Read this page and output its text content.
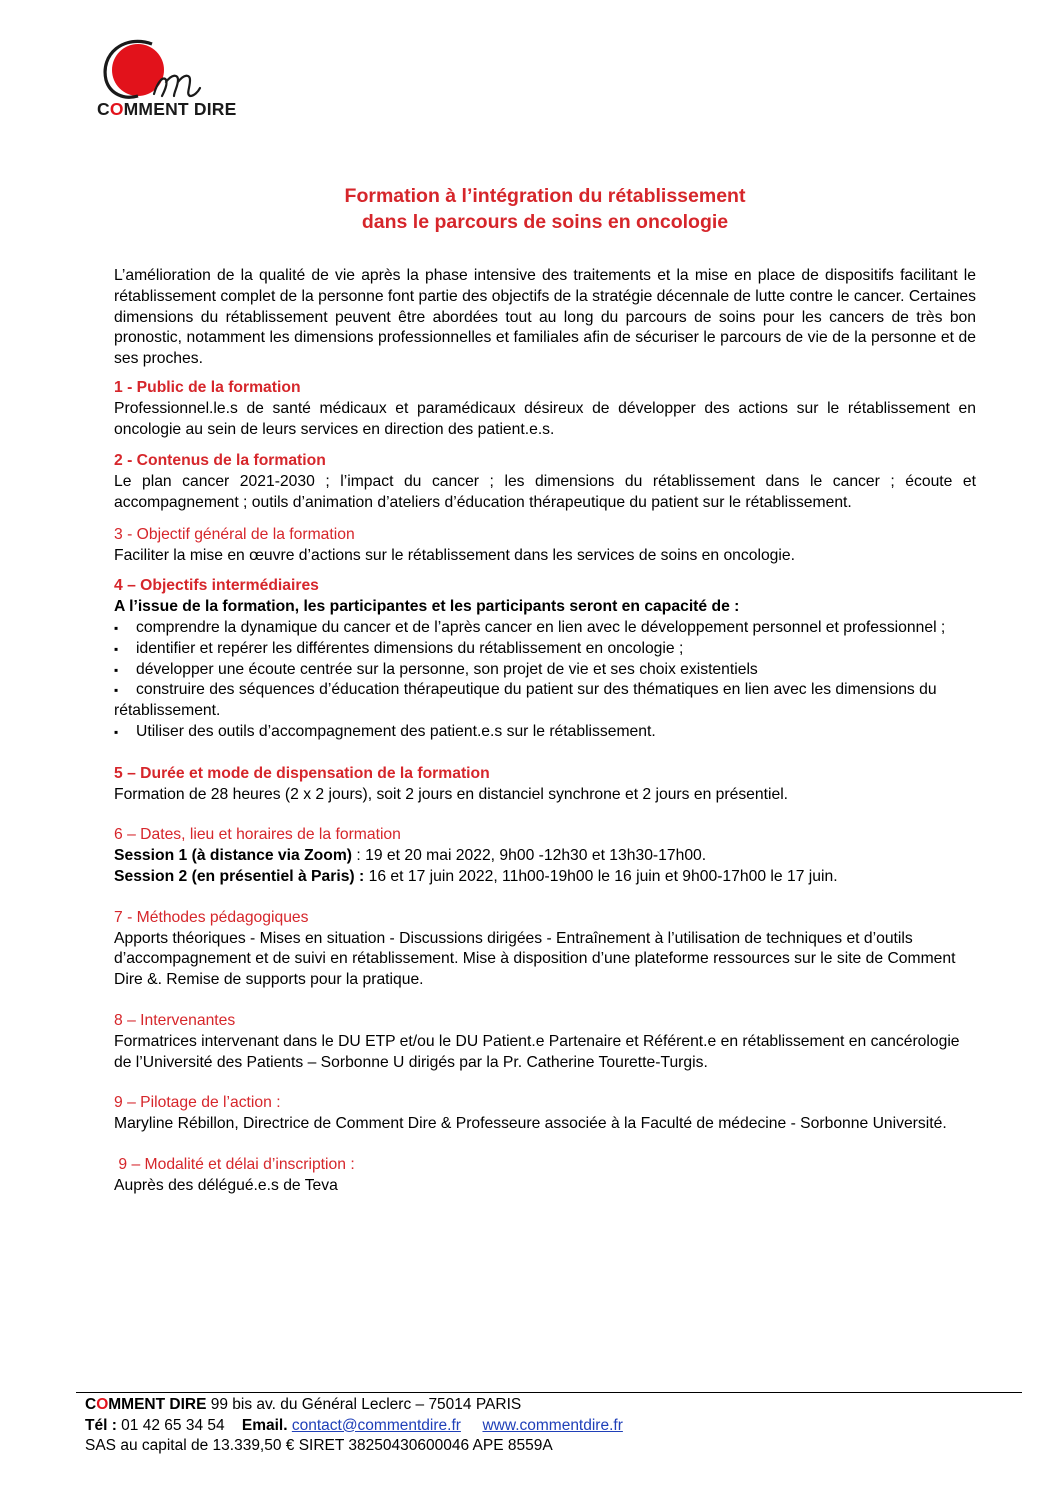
COMMENT DIRE
Formation à l’intégration du rétablissement
dans le parcours de soins en oncologie

L’amélioration de la qualité de vie après la phase intensive des traitements et la mise en place de dispositifs facilitant le rétablissement complet de la personne font partie des objectifs de la stratégie décennale de lutte contre le cancer. Certaines dimensions du rétablissement peuvent être abordées tout au long du parcours de soins pour les cancers de très bon pronostic, notamment les dimensions professionnelles et familiales afin de sécuriser le parcours de vie de la personne et de ses proches.

1 - Public de la formation

Professionnel.le.s de santé médicaux et paramédicaux désireux de développer des actions sur le rétablissement en oncologie au sein de leurs services en direction des patient.e.s.

2 - Contenus de la formation

Le plan cancer 2021-2030 ; l’impact du cancer ; les dimensions du rétablissement dans le cancer ; écoute et accompagnement ; outils d’animation d’ateliers d’éducation thérapeutique du patient sur le rétablissement.

3 - Objectif général de la formation

Faciliter la mise en œuvre d’actions sur le rétablissement dans les services de soins en oncologie.

4 – Objectifs intermédiaires

A l’issue de la formation, les participantes et les participants seront en capacité de :

▪ comprendre la dynamique du cancer et de l’après cancer en lien avec le développement personnel et professionnel ;
▪ identifier et repérer les différentes dimensions du rétablissement en oncologie ;
▪ développer une écoute centrée sur la personne, son projet de vie et ses choix existentiels
▪ construire des séquences d’éducation thérapeutique du patient sur des thématiques en lien avec les dimensions du rétablissement.
▪ Utiliser des outils d’accompagnement des patient.e.s sur le rétablissement.

5 – Durée et mode de dispensation de la formation

Formation de 28 heures (2 x 2 jours), soit 2 jours en distanciel synchrone et 2 jours en présentiel.

6 – Dates, lieu et horaires de la formation

Session 1 (à distance via Zoom) : 19 et 20 mai 2022, 9h00 -12h30 et 13h30-17h00.

Session 2 (en présentiel à Paris) : 16 et 17 juin 2022, 11h00-19h00 le 16 juin et 9h00-17h00 le 17 juin.

7 - Méthodes pédagogiques

Apports théoriques - Mises en situation - Discussions dirigées - Entraînement à l’utilisation de techniques et d’outils d’accompagnement et de suivi en rétablissement. Mise à disposition d’une plateforme ressources sur le site de Comment Dire &. Remise de supports pour la pratique.

8 – Intervenantes

Formatrices intervenant dans le DU ETP et/ou le DU Patient.e Partenaire et Référent.e en rétablissement en cancérologie de l’Université des Patients – Sorbonne U dirigés par la Pr. Catherine Tourette-Turgis.

9 – Pilotage de l’action :

Maryline Rébillon, Directrice de Comment Dire & Professeure associée à la Faculté de médecine - Sorbonne Université.

9 – Modalité et délai d’inscription :

Auprès des délégué.e.s de Teva

COMMENT DIRE 99 bis av. du Général Leclerc – 75014 PARIS
Tél : 01 42 65 34 54 Email. contact@commentdire.fr www.commentdire.fr
SAS au capital de 13.339,50 € SIRET 38250430600046 APE 8559A
